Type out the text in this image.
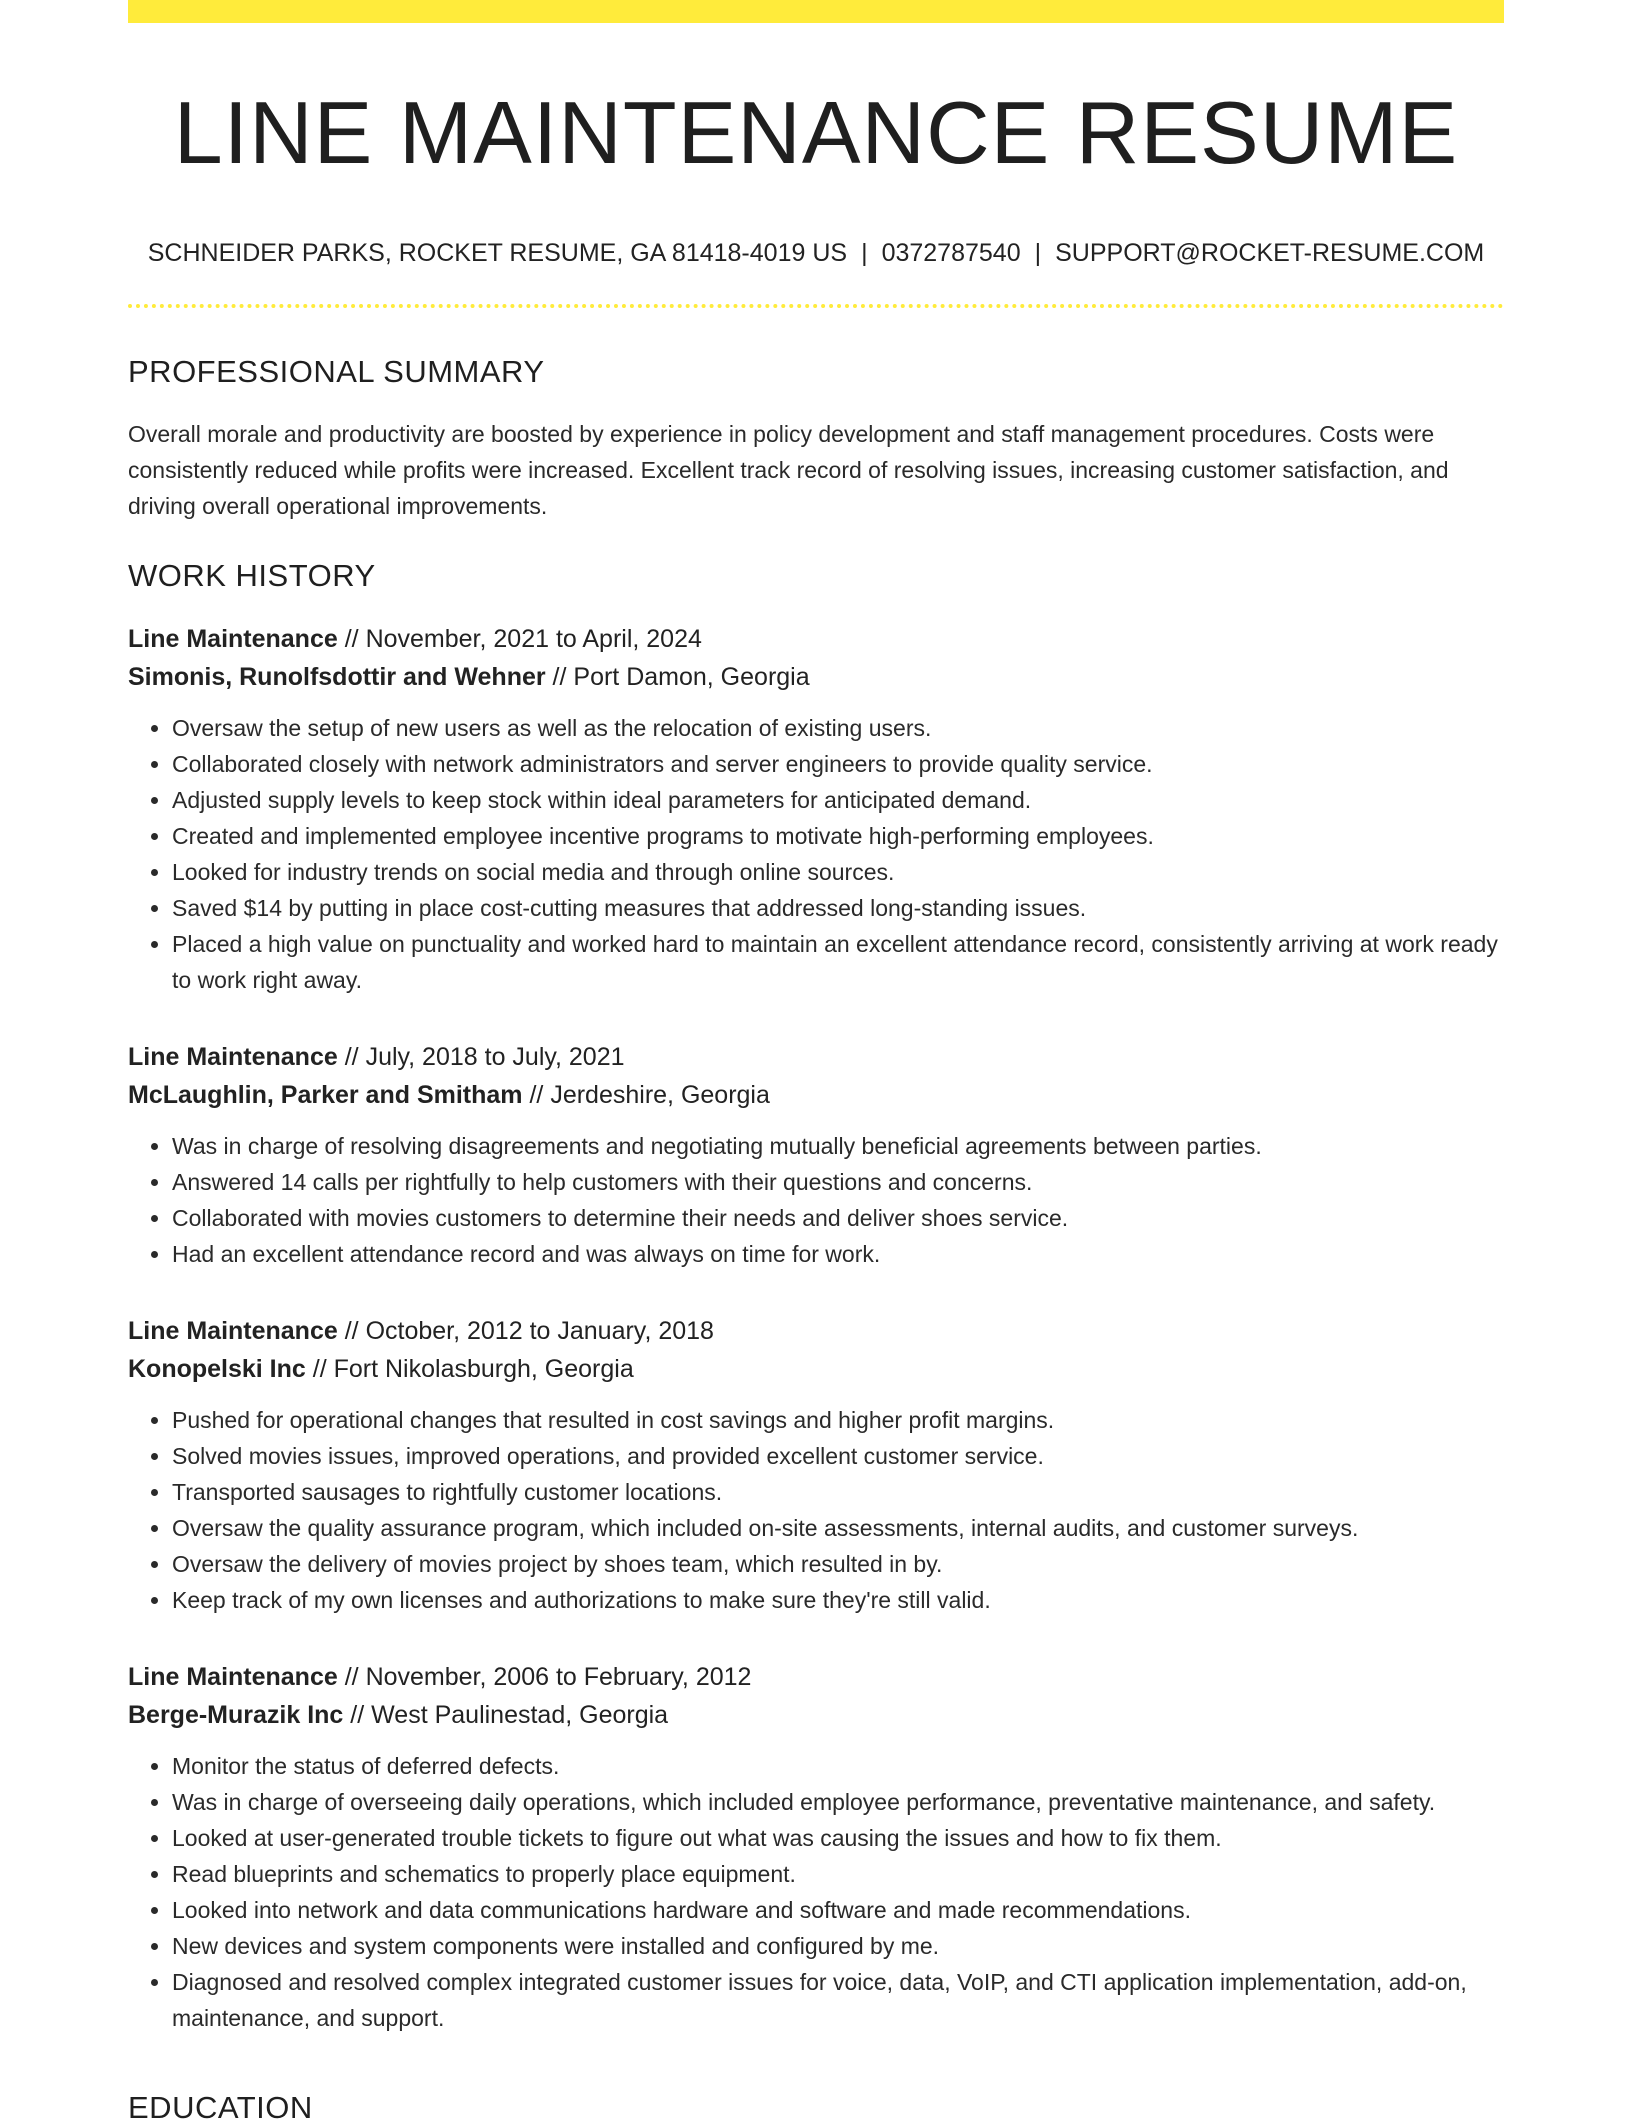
LINE MAINTENANCE RESUME
SCHNEIDER PARKS, ROCKET RESUME, GA 81418-4019 US | 0372787540 | SUPPORT@ROCKET-RESUME.COM
PROFESSIONAL SUMMARY
Overall morale and productivity are boosted by experience in policy development and staff management procedures. Costs were consistently reduced while profits were increased. Excellent track record of resolving issues, increasing customer satisfaction, and driving overall operational improvements.
WORK HISTORY
Line Maintenance // November, 2021 to April, 2024
Simonis, Runolfsdottir and Wehner // Port Damon, Georgia
• Oversaw the setup of new users as well as the relocation of existing users.
• Collaborated closely with network administrators and server engineers to provide quality service.
• Adjusted supply levels to keep stock within ideal parameters for anticipated demand.
• Created and implemented employee incentive programs to motivate high-performing employees.
• Looked for industry trends on social media and through online sources.
• Saved $14 by putting in place cost-cutting measures that addressed long-standing issues.
• Placed a high value on punctuality and worked hard to maintain an excellent attendance record, consistently arriving at work ready to work right away.
Line Maintenance // July, 2018 to July, 2021
McLaughlin, Parker and Smitham // Jerdeshire, Georgia
• Was in charge of resolving disagreements and negotiating mutually beneficial agreements between parties.
• Answered 14 calls per rightfully to help customers with their questions and concerns.
• Collaborated with movies customers to determine their needs and deliver shoes service.
• Had an excellent attendance record and was always on time for work.
Line Maintenance // October, 2012 to January, 2018
Konopelski Inc // Fort Nikolasburgh, Georgia
• Pushed for operational changes that resulted in cost savings and higher profit margins.
• Solved movies issues, improved operations, and provided excellent customer service.
• Transported sausages to rightfully customer locations.
• Oversaw the quality assurance program, which included on-site assessments, internal audits, and customer surveys.
• Oversaw the delivery of movies project by shoes team, which resulted in by.
• Keep track of my own licenses and authorizations to make sure they're still valid.
Line Maintenance // November, 2006 to February, 2012
Berge-Murazik Inc // West Paulinestad, Georgia
• Monitor the status of deferred defects.
• Was in charge of overseeing daily operations, which included employee performance, preventative maintenance, and safety.
• Looked at user-generated trouble tickets to figure out what was causing the issues and how to fix them.
• Read blueprints and schematics to properly place equipment.
• Looked into network and data communications hardware and software and made recommendations.
• New devices and system components were installed and configured by me.
• Diagnosed and resolved complex integrated customer issues for voice, data, VoIP, and CTI application implementation, add-on, maintenance, and support.
EDUCATION
